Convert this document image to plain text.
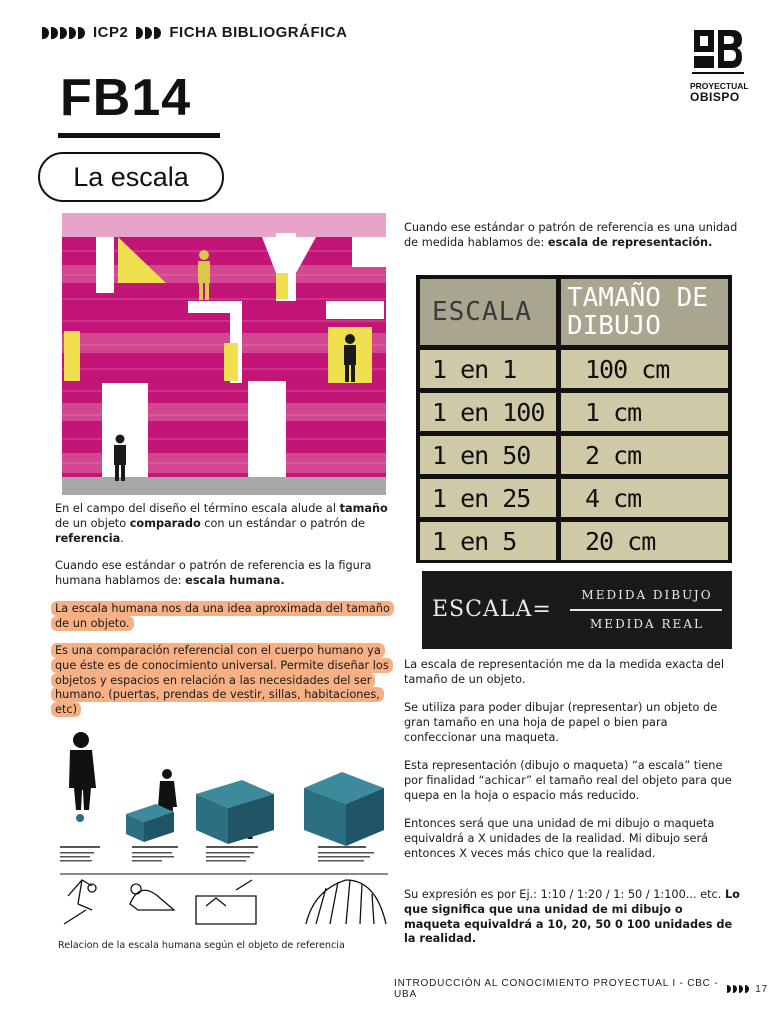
ICP2	FICHA BIBLIOGRÁFICA
PROYECTUAL
OBISPO
FB14
La escala
En el campo del diseño el término escala alude al tamaño de un objeto comparado con un estándar o patrón de referencia.
Cuando ese estándar o patrón de referencia es la figura humana hablamos de: escala humana.
La escala humana nos da una idea aproximada del tamaño de un objeto.
Es una comparación referencial con el cuerpo humano ya que éste es de conocimiento universal. Permite diseñar los objetos y espacios en relación a las necesidades del ser humano. (puertas, prendas de vestir, sillas, habitaciones, etc)
Relacion de la escala humana según el objeto de referencia
Cuando ese estándar o patrón de referencia es una unidad de medida hablamos de: escala de representación.
ESCALA	TAMAÑO DE DIBUJO
1 en 1	100 cm
1 en 100	1 cm
1 en 50	2 cm
1 en 25	4 cm
1 en 5	20 cm
ESCALA=
MEDIDA DIBUJO
MEDIDA REAL
La escala de representación me da la medida exacta del tamaño de un objeto.
Se utiliza para poder dibujar (representar) un objeto de gran tamaño en una hoja de papel o bien para confeccionar una maqueta.
Esta representación (dibujo o maqueta) “a escala” tiene por finalidad “achicar” el tamaño real del objeto para que quepa en la hoja o espacio más reducido.
Entonces será que una unidad de mi dibujo o maqueta equivaldrá a X unidades de la realidad. Mi dibujo será entonces X veces más chico que la realidad.
Su expresión es por Ej.: 1:10 / 1:20 / 1: 50 / 1:100... etc. Lo que significa que una unidad de mi dibujo o maqueta equivaldrá a 10, 20, 50 0 100 unidades de la realidad.
INTRODUCCIÓN AL CONOCIMIENTO PROYECTUAL I - CBC - UBA	17
